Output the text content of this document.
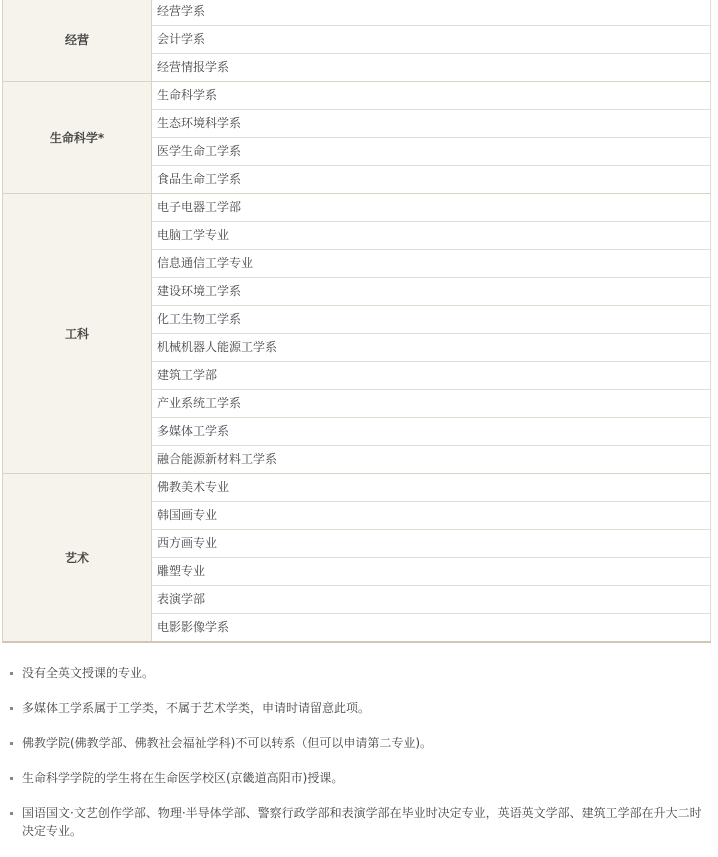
经营
经营学系
会计学系
经营情报学系
生命科学*
生命科学系
生态环境科学系
医学生命工学系
食品生命工学系
工科
电子电器工学部
电脑工学专业
信息通信工学专业
建设环境工学系
化工生物工学系
机械机器人能源工学系
建筑工学部
产业系统工学系
多媒体工学系
融合能源新材料工学系
艺术
佛教美术专业
韩国画专业
西方画专业
雕塑专业
表演学部
电影影像学系
没有全英文授课的专业。
多媒体工学系属于工学类，不属于艺术学类，申请时请留意此项。
佛教学院(佛教学部、佛教社会福祉学科)不可以转系（但可以申请第二专业)。
生命科学学院的学生将在生命医学校区(京畿道高阳市)授课。
国语国文·文艺创作学部、物理·半导体学部、警察行政学部和表演学部在毕业时决定专业，英语英文学部、建筑工学部在升大二时决定专业。
